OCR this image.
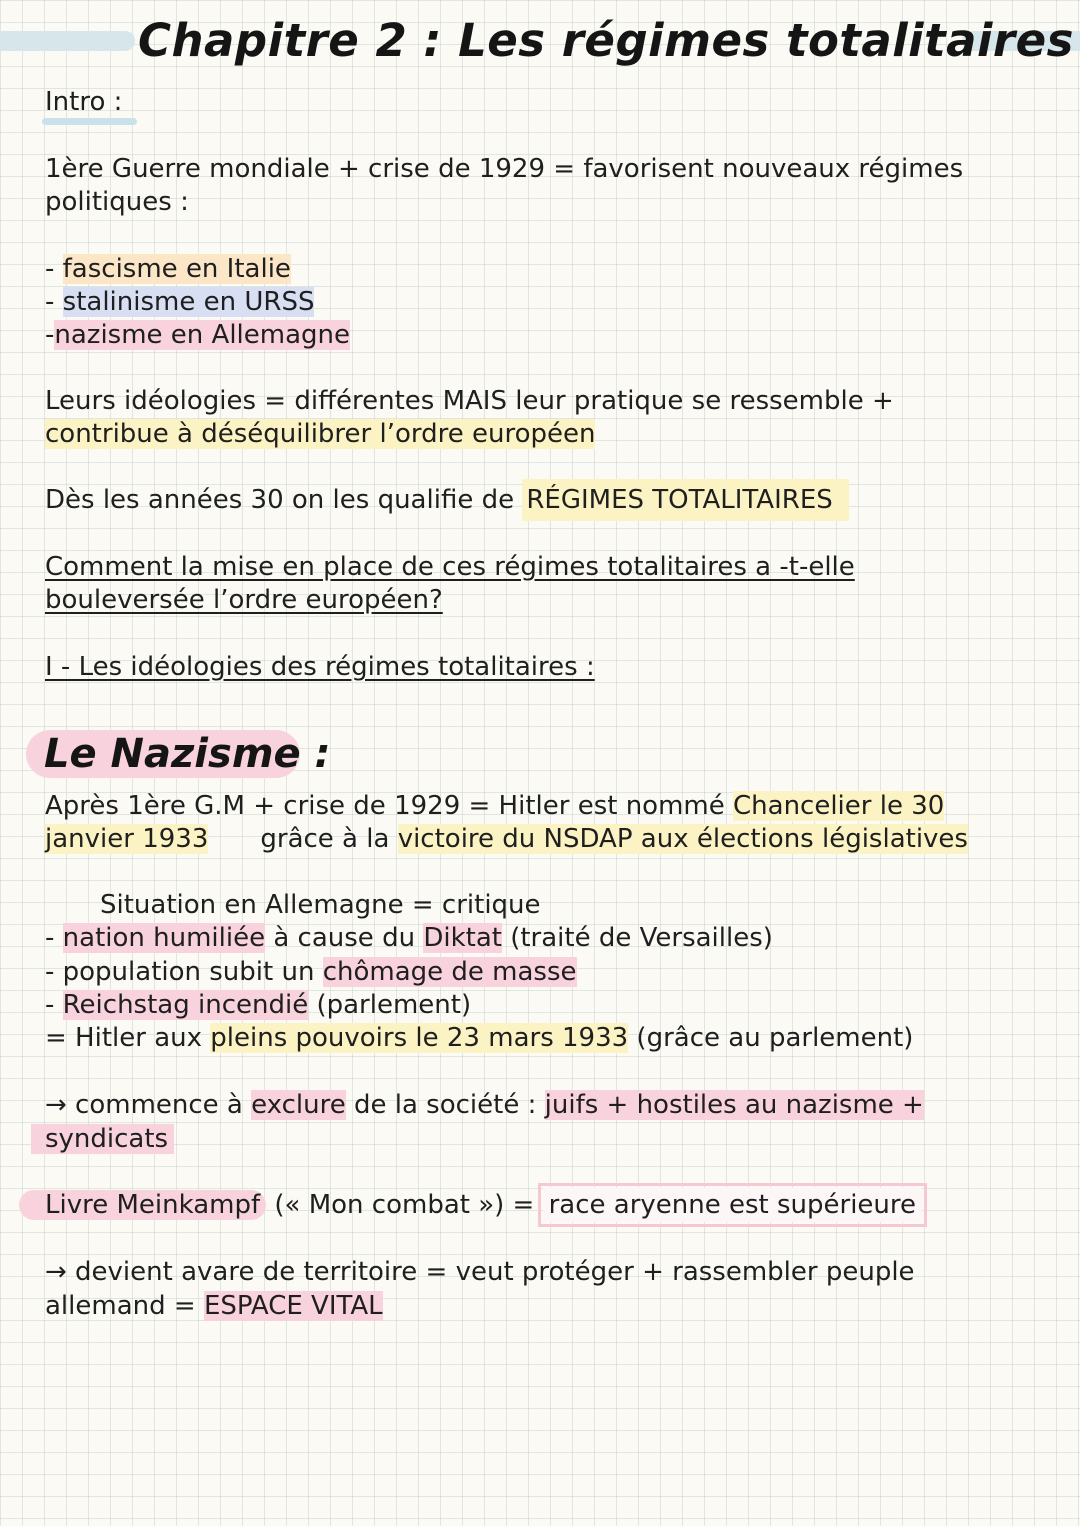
Chapitre 2 : Les régimes totalitaires
Intro :
1ère Guerre mondiale + crise de 1929 = favorisent nouveaux régimes
politiques :
- fascisme en Italie
- stalinisme en URSS
-nazisme en Allemagne
Leurs idéologies = différentes MAIS leur pratique se ressemble +
contribue à déséquilibrer l’ordre européen
Dès les années 30 on les qualifie de RÉGIMES TOTALITAIRES
Comment la mise en place de ces régimes totalitaires a -t-elle
bouleversée l’ordre européen?
I - Les idéologies des régimes totalitaires :
Le Nazisme :
Après 1ère G.M + crise de 1929 = Hitler est nommé Chancelier le 30
janvier 1933 grâce à la victoire du NSDAP aux élections législatives
Situation en Allemagne = critique
- nation humiliée à cause du Diktat (traité de Versailles)
- population subit un chômage de masse
- Reichstag incendié (parlement)
= Hitler aux pleins pouvoirs le 23 mars 1933 (grâce au parlement)
→ commence à exclure de la société : juifs + hostiles au nazisme +
syndicats
Livre Meinkampf (« Mon combat ») = race aryenne est supérieure
→ devient avare de territoire = veut protéger + rassembler peuple
allemand = ESPACE VITAL
